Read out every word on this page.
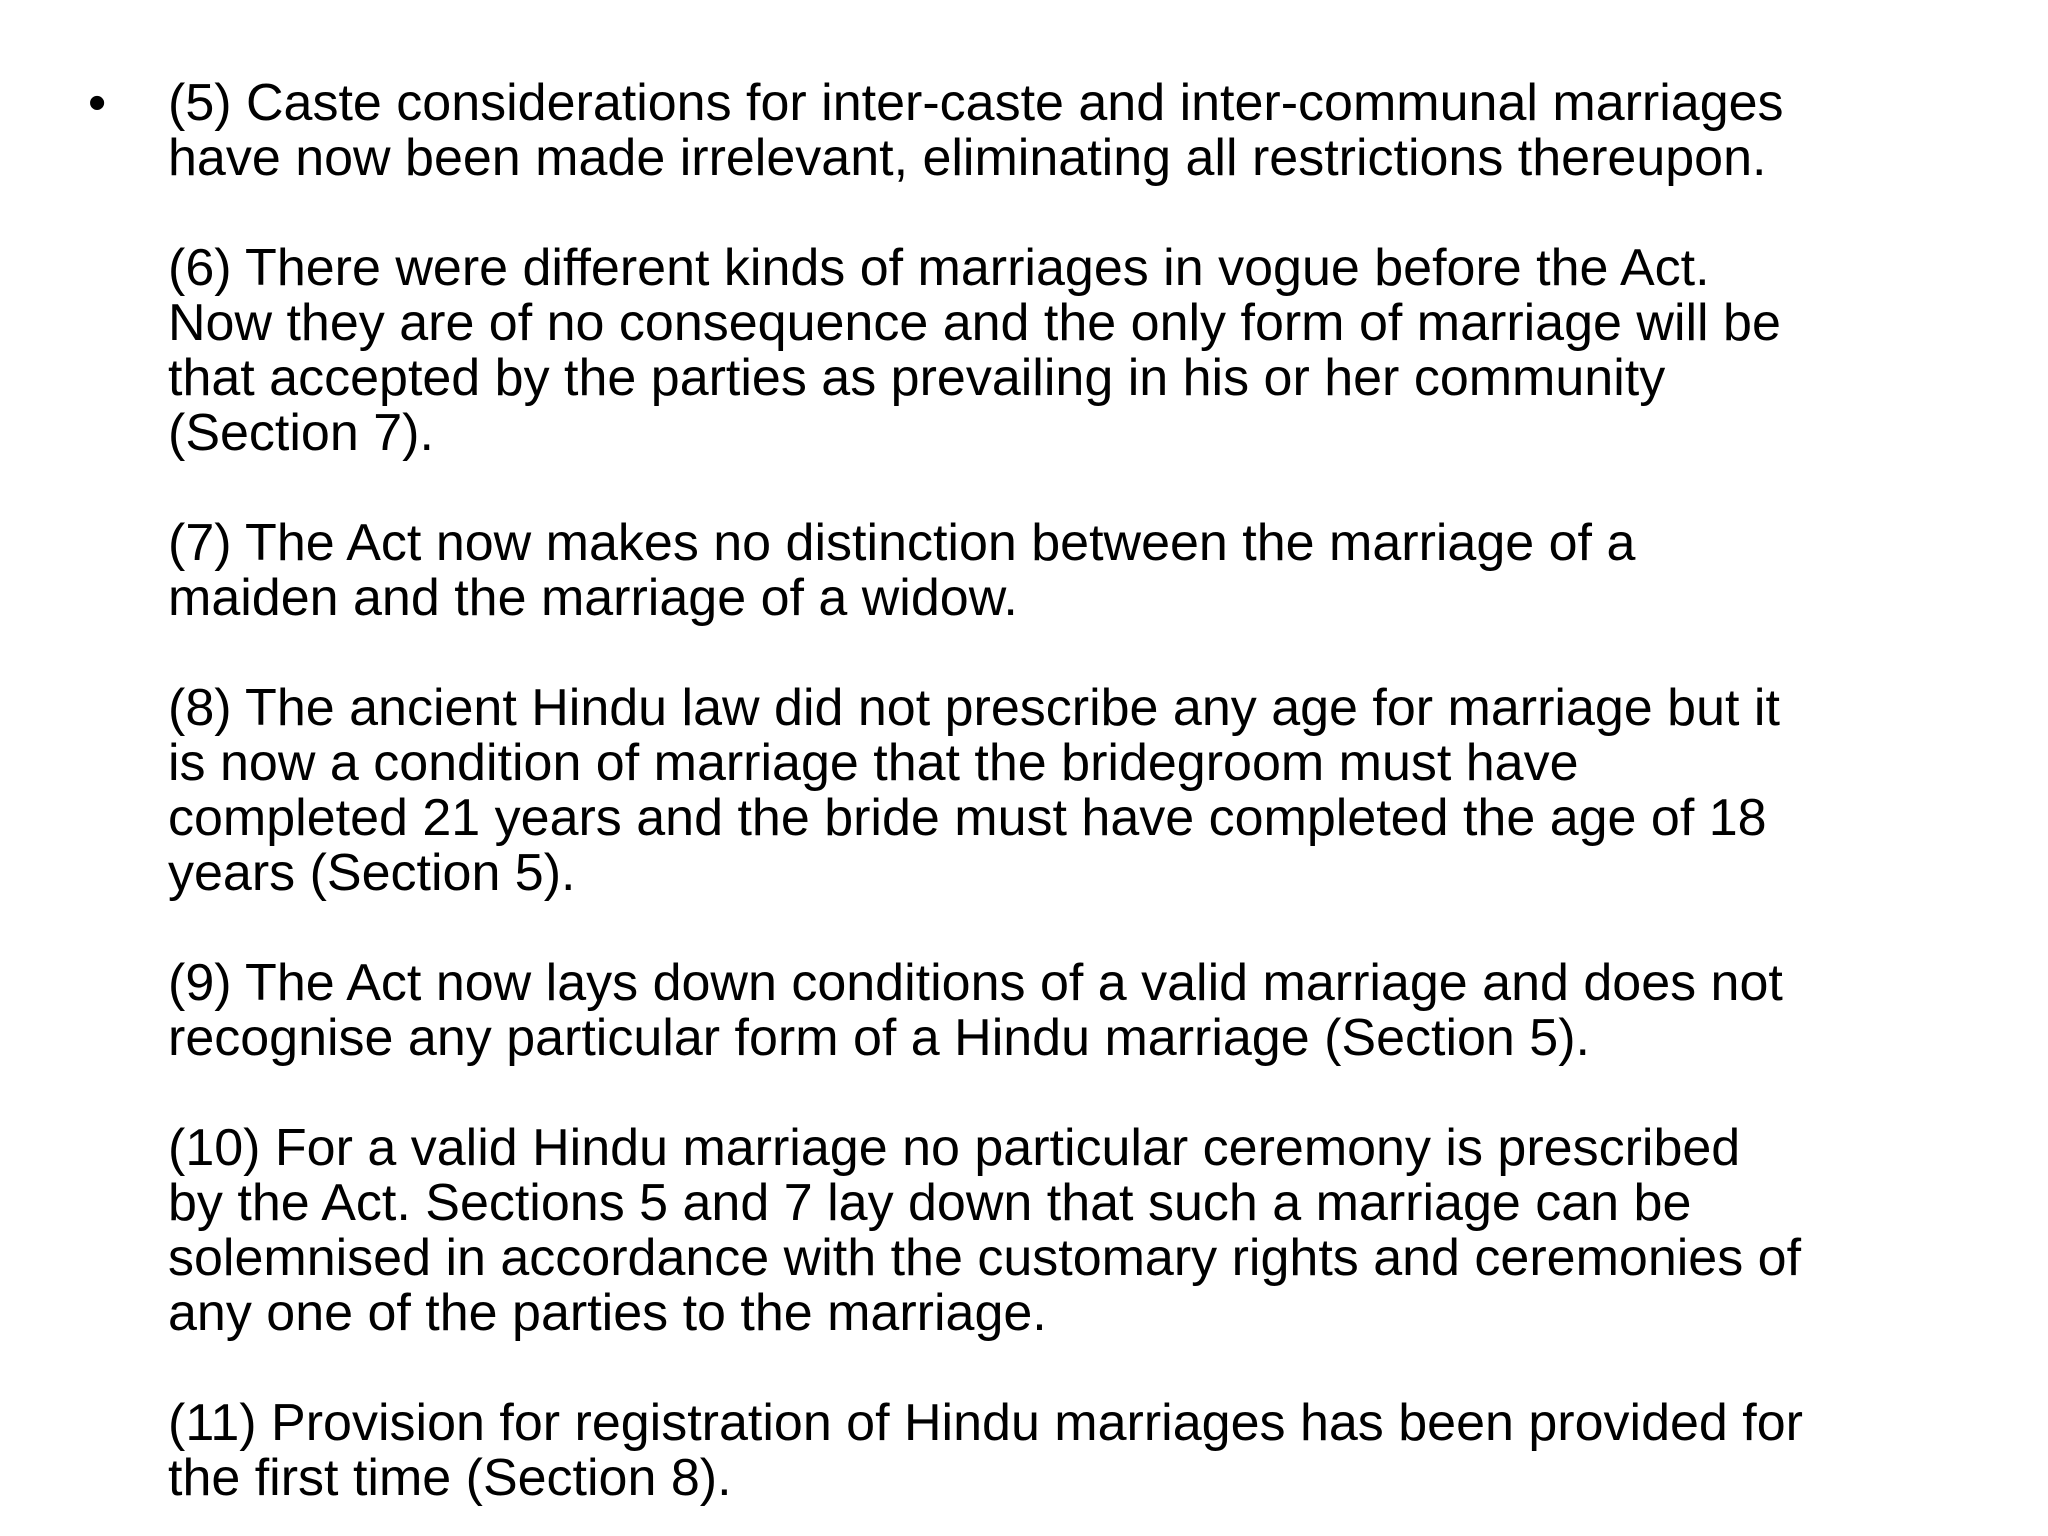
• (5) Caste considerations for inter-caste and inter-communal marriages
have now been made irrelevant, eliminating all restrictions thereupon.

(6) There were different kinds of marriages in vogue before the Act.
Now they are of no consequence and the only form of marriage will be
that accepted by the parties as prevailing in his or her community
(Section 7).

(7) The Act now makes no distinction between the marriage of a
maiden and the marriage of a widow.

(8) The ancient Hindu law did not prescribe any age for marriage but it
is now a condition of marriage that the bridegroom must have
completed 21 years and the bride must have completed the age of 18
years (Section 5).

(9) The Act now lays down conditions of a valid marriage and does not
recognise any particular form of a Hindu marriage (Section 5).

(10) For a valid Hindu marriage no particular ceremony is prescribed
by the Act. Sections 5 and 7 lay down that such a marriage can be
solemnised in accordance with the customary rights and ceremonies of
any one of the parties to the marriage.

(11) Provision for registration of Hindu marriages has been provided for
the first time (Section 8).
